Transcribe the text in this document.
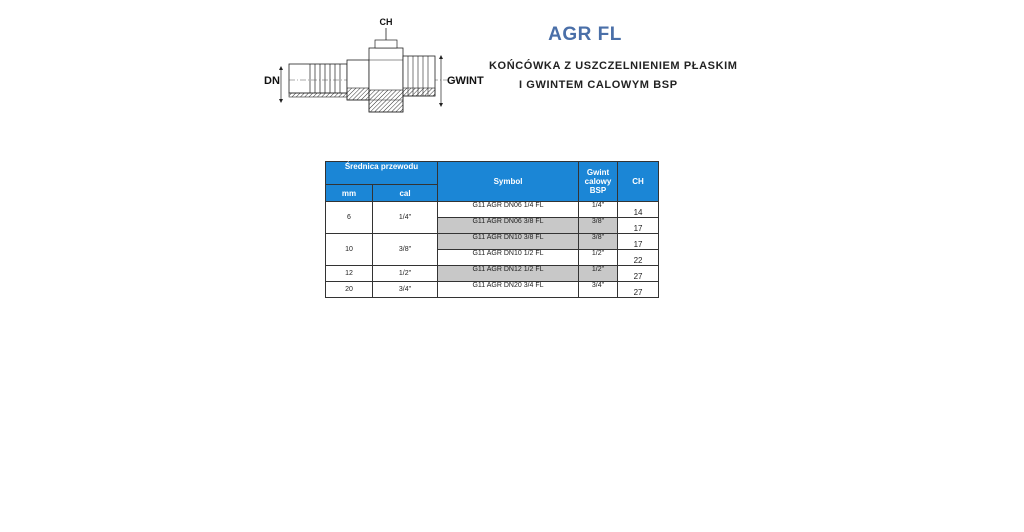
CH
DN	GWINT
AGR FL
KOŃCÓWKA Z USZCZELNIENIEM PŁASKIM
I GWINTEM CALOWYM BSP
Średnica przewodu		Symbol	Gwint calowy BSP	CH
mm	cal			
6	1/4"	G11 AGR DN06 1/4 FL	1/4"	14
		G11 AGR DN06 3/8 FL	3/8"	17
10	3/8"	G11 AGR DN10 3/8 FL	3/8"	17
		G11 AGR DN10 1/2 FL	1/2"	22
12	1/2"	G11 AGR DN12 1/2 FL	1/2"	27
20	3/4"	G11 AGR DN20 3/4 FL	3/4"	27
